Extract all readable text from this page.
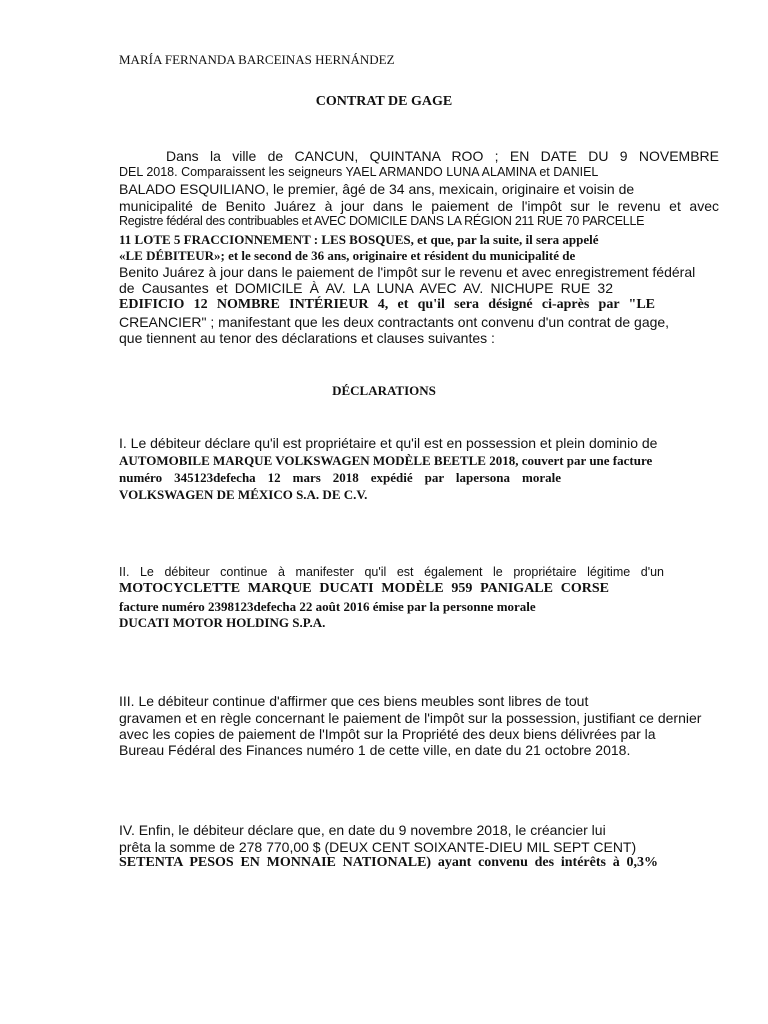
MARÍA FERNANDA BARCEINAS HERNÁNDEZ
CONTRAT DE GAGE
Dans la ville de CANCUN, QUINTANA ROO ; EN DATE DU 9 NOVEMBRE
DEL 2018. Comparaissent les seigneurs YAEL ARMANDO LUNA ALAMINA et DANIEL
BALADO ESQUILIANO, le premier, âgé de 34 ans, mexicain, originaire et voisin de
municipalité de Benito Juárez à jour dans le paiement de l'impôt sur le revenu et avec
Registre fédéral des contribuables et AVEC DOMICILE DANS LA RÉGION 211 RUE 70 PARCELLE
11 LOTE 5 FRACCIONNEMENT : LES BOSQUES, et que, par la suite, il sera appelé
«LE DÉBITEUR»; et le second de 36 ans, originaire et résident du municipalité de
Benito Juárez à jour dans le paiement de l'impôt sur le revenu et avec enregistrement fédéral
de Causantes et DOMICILE À AV. LA LUNA AVEC AV. NICHUPE RUE 32
EDIFICIO 12 NOMBRE INTÉRIEUR 4, et qu'il sera désigné ci-après par "LE
CREANCIER" ; manifestant que les deux contractants ont convenu d'un contrat de gage,
que tiennent au tenor des déclarations et clauses suivantes :
DÉCLARATIONS
I. Le débiteur déclare qu'il est propriétaire et qu'il est en possession et plein dominio de
AUTOMOBILE MARQUE VOLKSWAGEN MODÈLE BEETLE 2018, couvert par une facture
numéro 345123defecha 12 mars 2018 expédié par lapersona morale
VOLKSWAGEN DE MÉXICO S.A. DE C.V.
II. Le débiteur continue à manifester qu'il est également le propriétaire légitime d'un
MOTOCYCLETTE MARQUE DUCATI MODÈLE 959 PANIGALE CORSE
facture numéro 2398123defecha 22 août 2016 émise par la personne morale
DUCATI MOTOR HOLDING S.P.A.
III. Le débiteur continue d'affirmer que ces biens meubles sont libres de tout
gravamen et en règle concernant le paiement de l'impôt sur la possession, justifiant ce dernier
avec les copies de paiement de l'Impôt sur la Propriété des deux biens délivrées par la
Bureau Fédéral des Finances numéro 1 de cette ville, en date du 21 octobre 2018.
IV. Enfin, le débiteur déclare que, en date du 9 novembre 2018, le créancier lui
prêta la somme de 278 770,00 $ (DEUX CENT SOIXANTE-DIEU MIL SEPT CENT)
SETENTA PESOS EN MONNAIE NATIONALE) ayant convenu des intérêts à 0,3%
